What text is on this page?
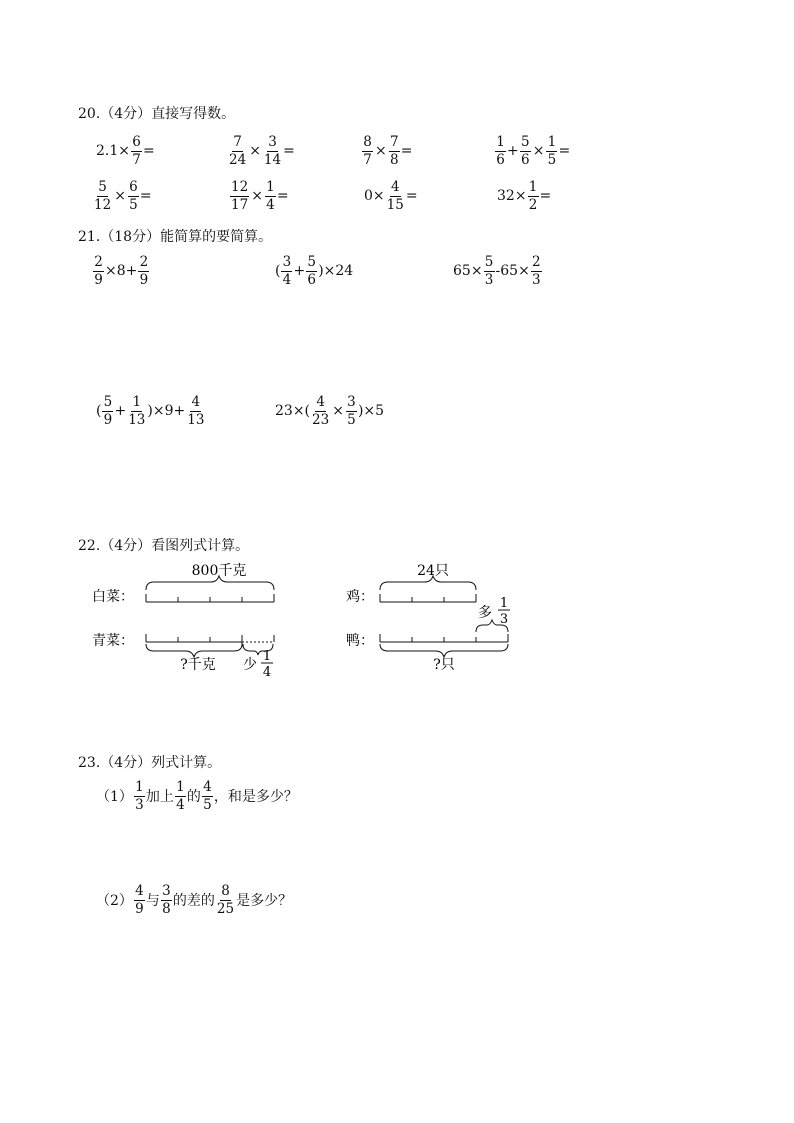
20.（4分）直接写得数。
$2.1\times \frac{6}{7}$ =	$\frac{7}{24} \times \frac{3}{14}$ =	$\frac{8}{7} \times \frac{7}{8}$ =	$\frac{1}{6} + \frac{5}{6} \times \frac{1}{5}$ =
$\frac{5}{12} \times \frac{6}{5}$ =	$\frac{12}{17} \times \frac{1}{4}$ =	$0\times \frac{4}{15}$ =	$32\times \frac{1}{2}$ =
21.（18分）能简算的要简算。
$\frac{2}{9} \times 8+ \frac{2}{9}$	( $\frac{3}{4} + \frac{5}{6} )\times 24$	$65\times \frac{5}{3} -65\times \frac{2}{3}$
( $\frac{5}{9} + \frac{1}{13} )\times 9+ \frac{4}{13}$	$23\times( \frac{4}{23} \times \frac{3}{5} )\times 5$
22.（4分）看图列式计算。
白菜：
800千克
青菜：
?千克 少
1
4
鸡：
24只
鸭：
多
1
3
?只
23.（4分）列式计算。
$(1) \frac{1}{3}$ 加上 $\frac{1}{4}$ 的 $\frac{4}{5}$ ，和是多少？
$(2) \frac{4}{9}$ 与 $\frac{3}{8}$ 的差的 $\frac{8}{25}$ 是多少？
